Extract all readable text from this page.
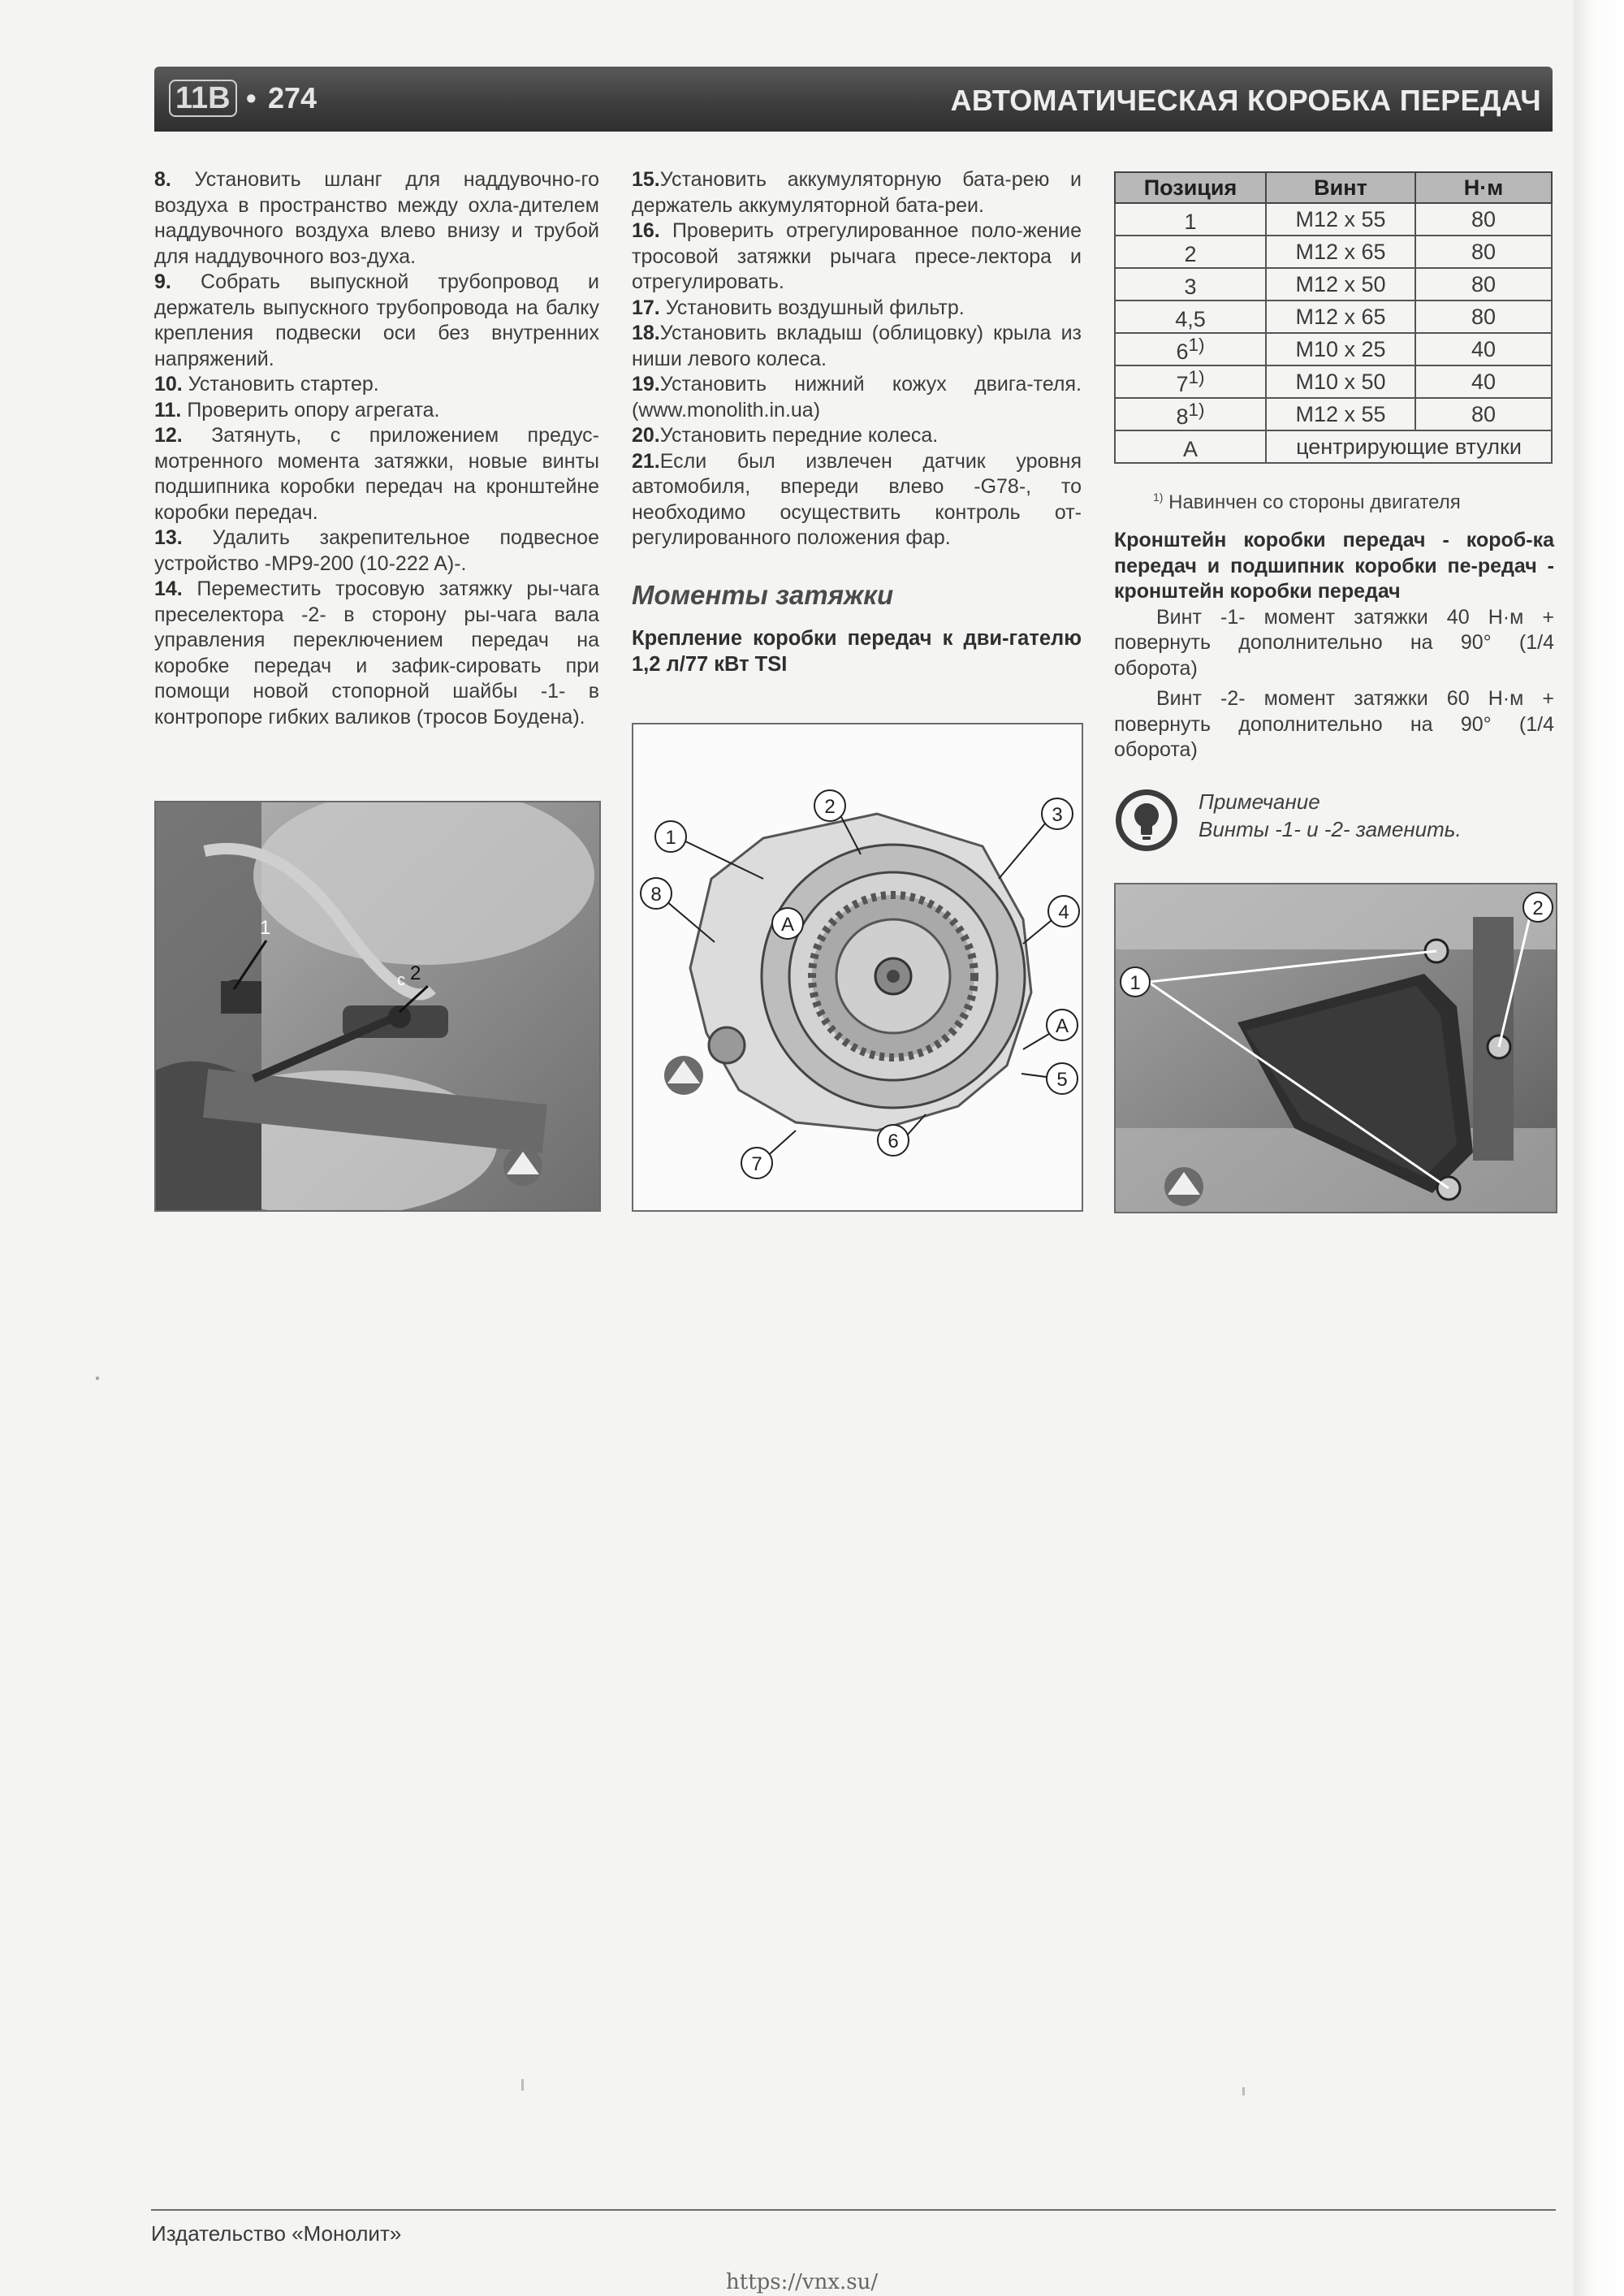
11B • 274	АВТОМАТИЧЕСКАЯ КОРОБКА ПЕРЕДАЧ

8. Установить шланг для наддувочно-го воздуха в пространство между охла-дителем наддувочного воздуха влево внизу и трубой для наддувочного воз-духа.

9. Собрать выпускной трубопровод и держатель выпускного трубопровода на балку крепления подвески оси без внутренних напряжений.

10. Установить стартер.

11. Проверить опору агрегата.

12. Затянуть, с приложением предус-мотренного момента затяжки, новые винты подшипника коробки передач на кронштейне коробки передач.

13. Удалить закрепительное подвесное устройство -MP9-200 (10-222 A)-.

14. Переместить тросовую затяжку ры-чага преселектора -2- в сторону ры-чага вала управления переключением передач на коробке передач и зафик-сировать при помощи новой стопорной шайбы -1- в контропоре гибких валиков (тросов Боудена).

1
c 2

15.Установить аккумуляторную бата-рею и держатель аккумуляторной бата-реи.

16. Проверить отрегулированное поло-жение тросовой затяжки рычага пресе-лектора и отрегулировать.

17. Установить воздушный фильтр.

18.Установить вкладыш (облицовку) крыла из ниши левого колеса.

19.Установить нижний кожух двига-теля. (www.monolith.in.ua)

20.Установить передние колеса.

21.Если был извлечен датчик уровня автомобиля, впереди влево -G78-, то необходимо осуществить контроль от-регулированного положения фар.

Моменты затяжки

Крепление коробки передач к дви-гателю 1,2 л/77 кВт TSI

1
2	3
4
A
5
6
7
A
8
Позиция	Винт	Н·м
1	M12 x 55	80
2	M12 x 65	80
3	M12 x 50	80
4,5	M12 x 65	80
6$^{1)}$	M10 x 25	40
7$^{1)}$	M10 x 50	40
8$^{1)}$	M12 x 55	80
A	центрирующие втулки	
$^{1)}$ Навинчен со стороны двигателя

Кронштейн коробки передач - короб-ка передач и подшипник коробки пе-редач - кронштейн коробки передач

Винт -1- момент затяжки 40 Н·м + повернуть дополнительно на 90° (1/4 оборота)

Винт -2- момент затяжки 60 Н·м + повернуть дополнительно на 90° (1/4 оборота)

Примечание
Винты -1- и -2- заменить.
1
2
Издательство «Монолит»
https://vnx.su/
